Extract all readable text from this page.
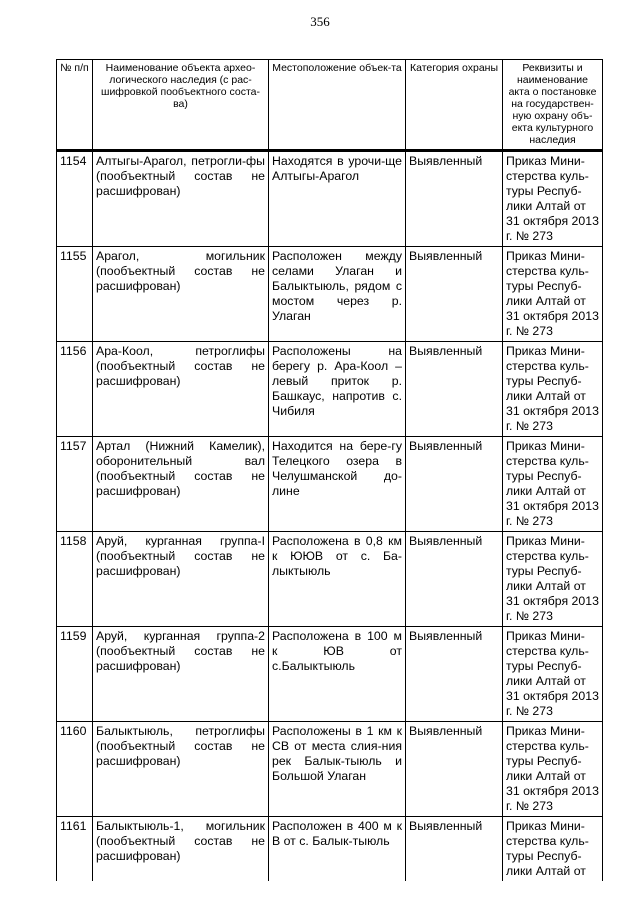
356
№ п/п	Наименование объекта архео-логического наследия (с рас-шифровкой пообъектного соста-ва)	Местоположение объек-та	Категория охраны	Реквизиты и наименование акта о постановке на государствен-ную охрану объ-екта культурного наследия
1154	Алтыгы-Арагол, петрогли-фы (пообъектный состав не расшифрован)	Находятся в урочи-ще Алтыгы-Арагол	Выявленный	Приказ Мини-стерства куль-туры Респуб-лики Алтай от 31 октября 2013 г. № 273
1155	Арагол, могильник (пообъектный состав не расшифрован)	Расположен между селами Улаган и Балыктыюль, рядом с мостом через р. Улаган	Выявленный	Приказ Мини-стерства куль-туры Респуб-лики Алтай от 31 октября 2013 г. № 273
1156	Ара-Коол, петроглифы (пообъектный состав не расшифрован)	Расположены на берегу р. Ара-Коол – левый приток р. Башкаус, напротив с. Чибиля	Выявленный	Приказ Мини-стерства куль-туры Респуб-лики Алтай от 31 октября 2013 г. № 273
1157	Артал (Нижний Камелик), оборонительный вал (пообъектный состав не расшифрован)	Находится на бере-гу Телецкого озера в Челушманской до-лине	Выявленный	Приказ Мини-стерства куль-туры Респуб-лики Алтай от 31 октября 2013 г. № 273
1158	Аруй, курганная группа-I (пообъектный состав не расшифрован)	Расположена в 0,8 км к ЮЮВ от с. Ба-лыктыюль	Выявленный	Приказ Мини-стерства куль-туры Респуб-лики Алтай от 31 октября 2013 г. № 273
1159	Аруй, курганная группа-2 (пообъектный состав не расшифрован)	Расположена в 100 м к ЮВ от с.Балыктыюль	Выявленный	Приказ Мини-стерства куль-туры Респуб-лики Алтай от 31 октября 2013 г. № 273
1160	Балыктыюль, петроглифы (пообъектный состав не расшифрован)	Расположены в 1 км к СВ от места слия-ния рек Балык-тыюль и Большой Улаган	Выявленный	Приказ Мини-стерства куль-туры Респуб-лики Алтай от 31 октября 2013 г. № 273
1161	Балыктыюль-1, могильник (пообъектный состав не расшифрован)	Расположен в 400 м к В от с. Балык-тыюль	Выявленный	Приказ Мини-стерства куль-туры Респуб-лики Алтай от
